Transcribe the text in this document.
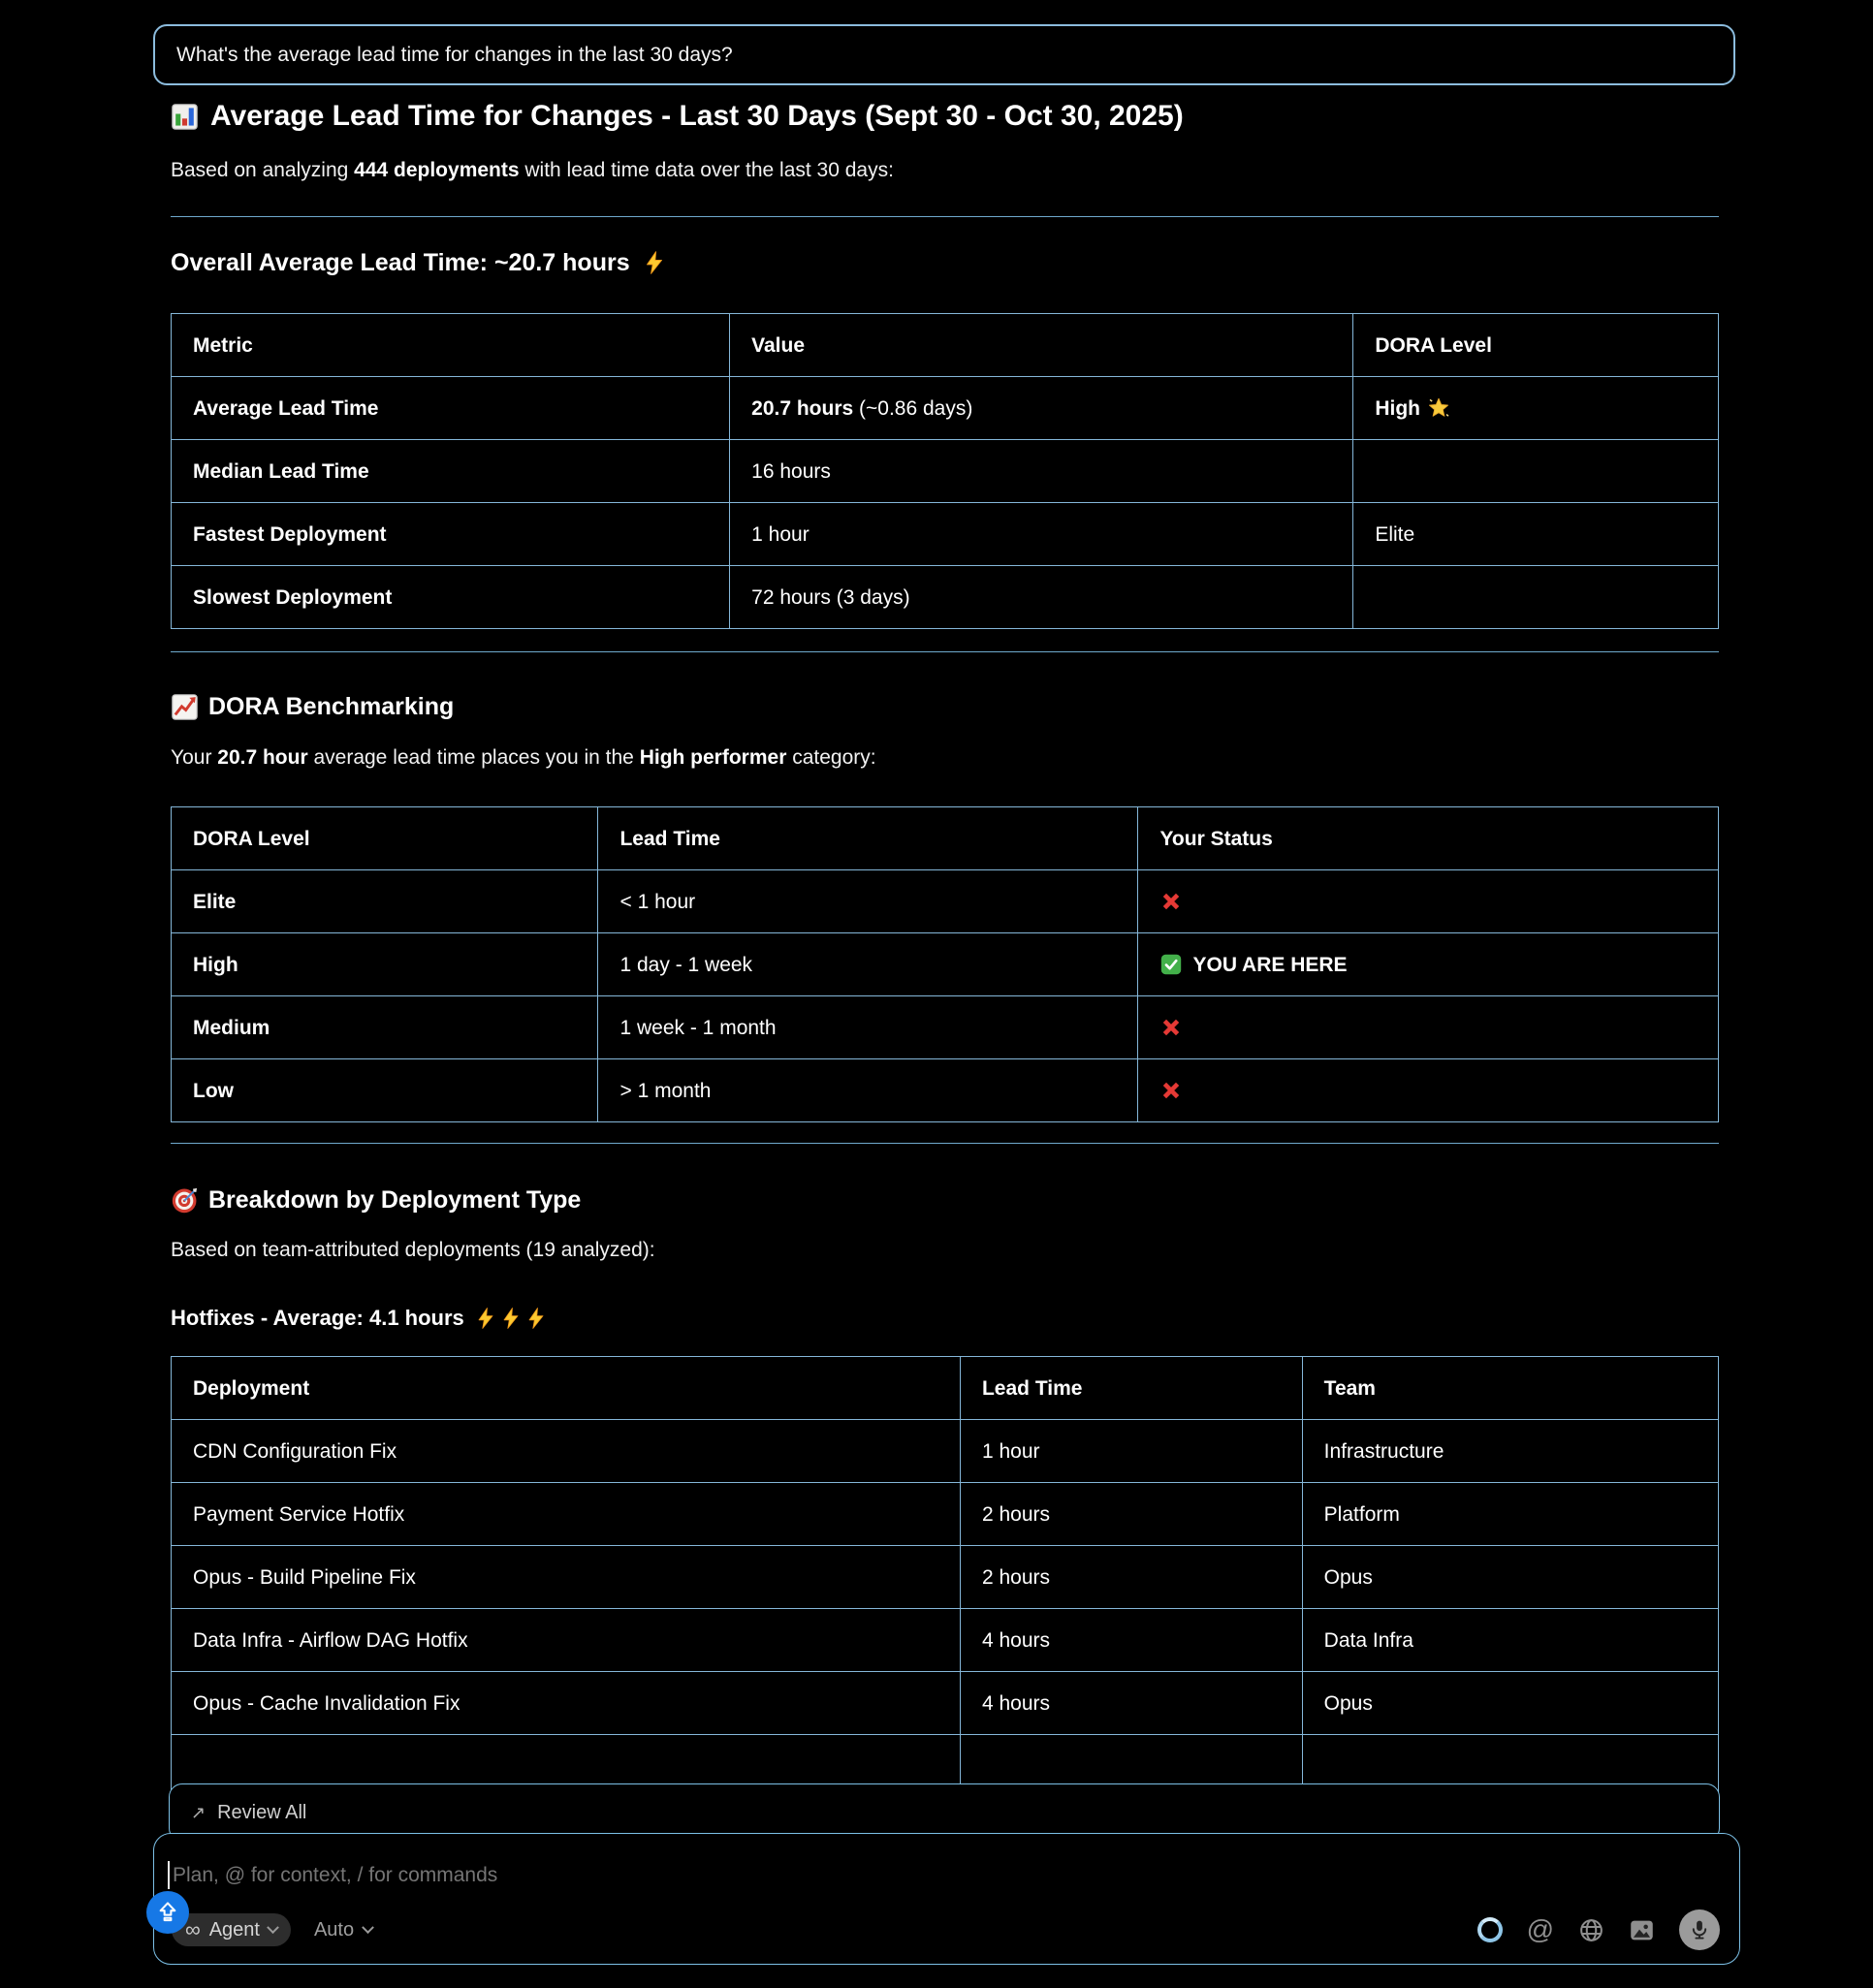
What's the average lead time for changes in the last 30 days?
Average Lead Time for Changes - Last 30 Days (Sept 30 - Oct 30, 2025)

Based on analyzing 444 deployments with lead time data over the last 30 days:

Overall Average Lead Time: ~20.7 hours
Metric	Value	DORA Level
Average Lead Time	20.7 hours (~0.86 days)	High
Median Lead Time	16 hours	
Fastest Deployment	1 hour	Elite
Slowest Deployment	72 hours (3 days)	
DORA Benchmarking

Your 20.7 hour average lead time places you in the High performer category:

DORA Level	Lead Time	Your Status
Elite	< 1 hour	
High	1 day - 1 week	YOU ARE HERE
Medium	1 week - 1 month	
Low	> 1 month	
Breakdown by Deployment Type

Based on team-attributed deployments (19 analyzed):

Hotfixes - Average: 4.1 hours
Deployment	Lead Time	Team
CDN Configuration Fix	1 hour	Infrastructure
Payment Service Hotfix	2 hours	Platform
Opus - Build Pipeline Fix	2 hours	Opus
Data Infra - Airflow DAG Hotfix	4 hours	Data Infra
Opus - Cache Invalidation Fix	4 hours	Opus

↗ Review All
Plan, @ for context, / for commands
∞ Agent	Auto	@
